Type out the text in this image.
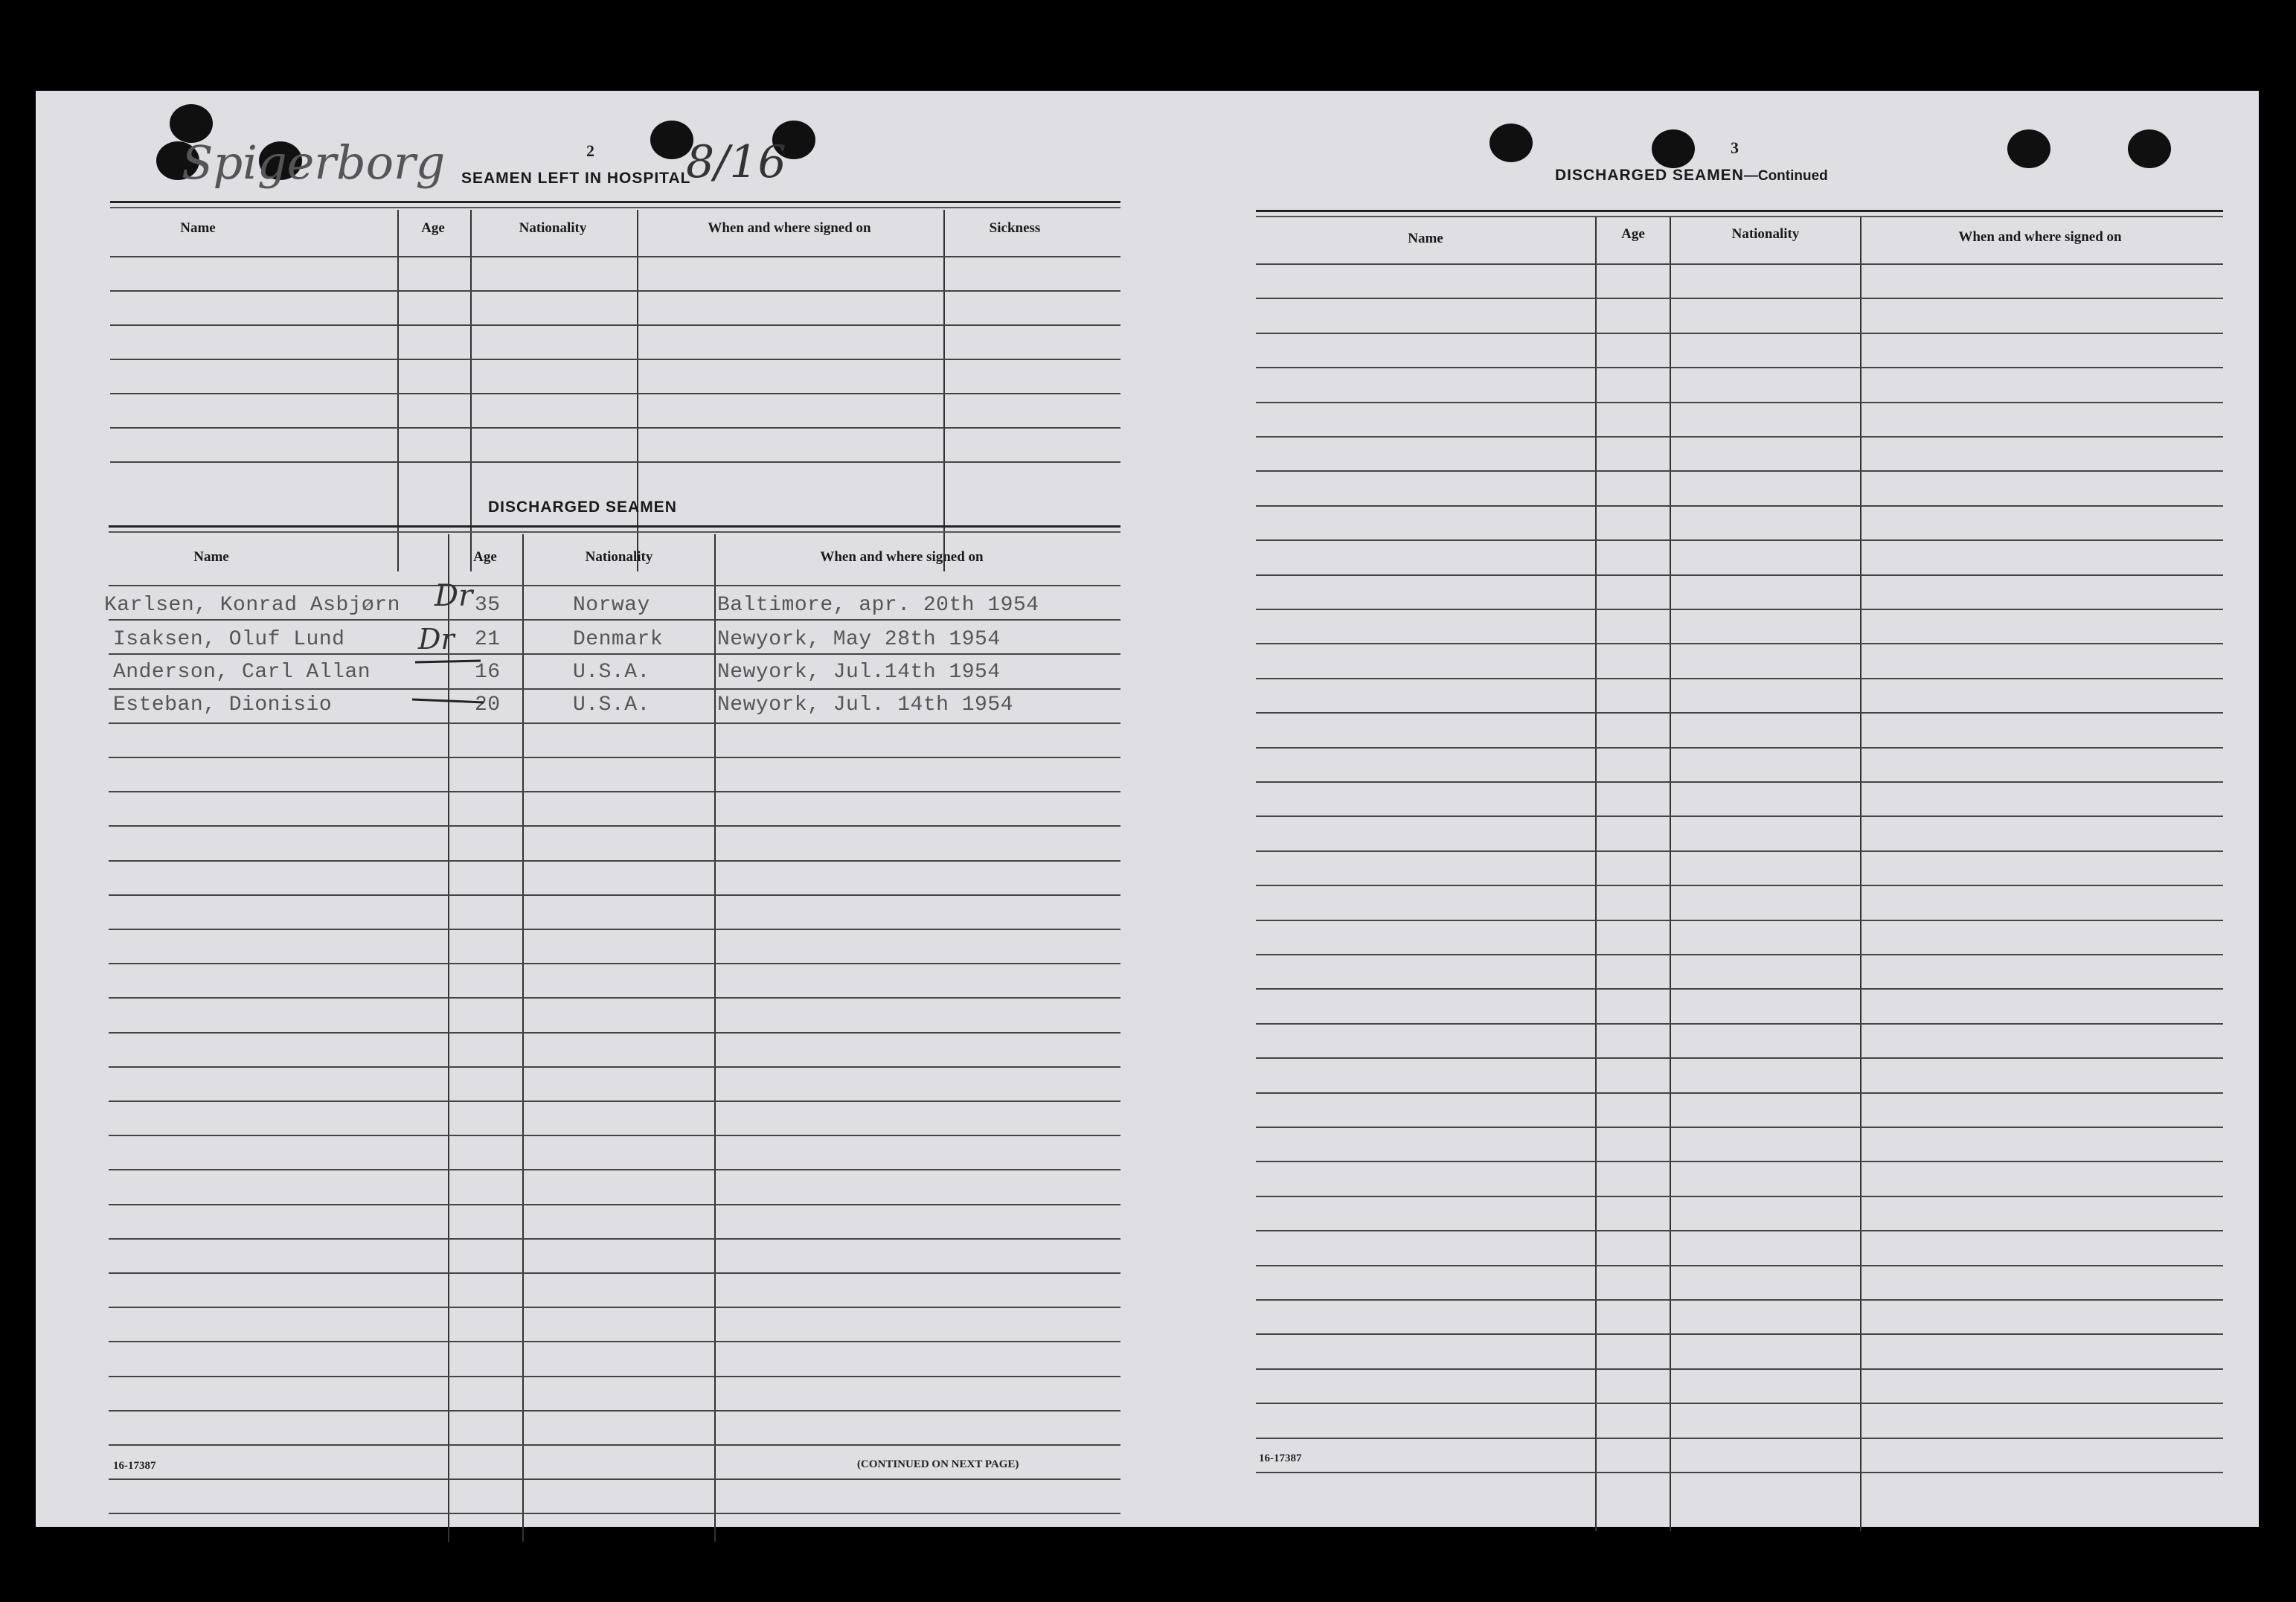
Spigerborg	8/16
2
SEAMEN LEFT IN HOSPITAL
Name	Age	Nationality	When and where signed on	Sickness
DISCHARGED SEAMEN
Name	Age	Nationality	When and where signed on
Karlsen, Konrad Asbjørn	35	Norway	Baltimore, apr. 20th 1954
Isaksen, Oluf Lund	21	Denmark	Newyork, May 28th 1954
Anderson, Carl Allan	16	U.S.A.	Newyork, Jul.14th 1954
Esteban, Dionisio	20	U.S.A.	Newyork, Jul. 14th 1954
Dr
Dr
16-17387	(CONTINUED ON NEXT PAGE)
3
DISCHARGED SEAMEN—Continued
Name	Age	Nationality	When and where signed on
16-17387
